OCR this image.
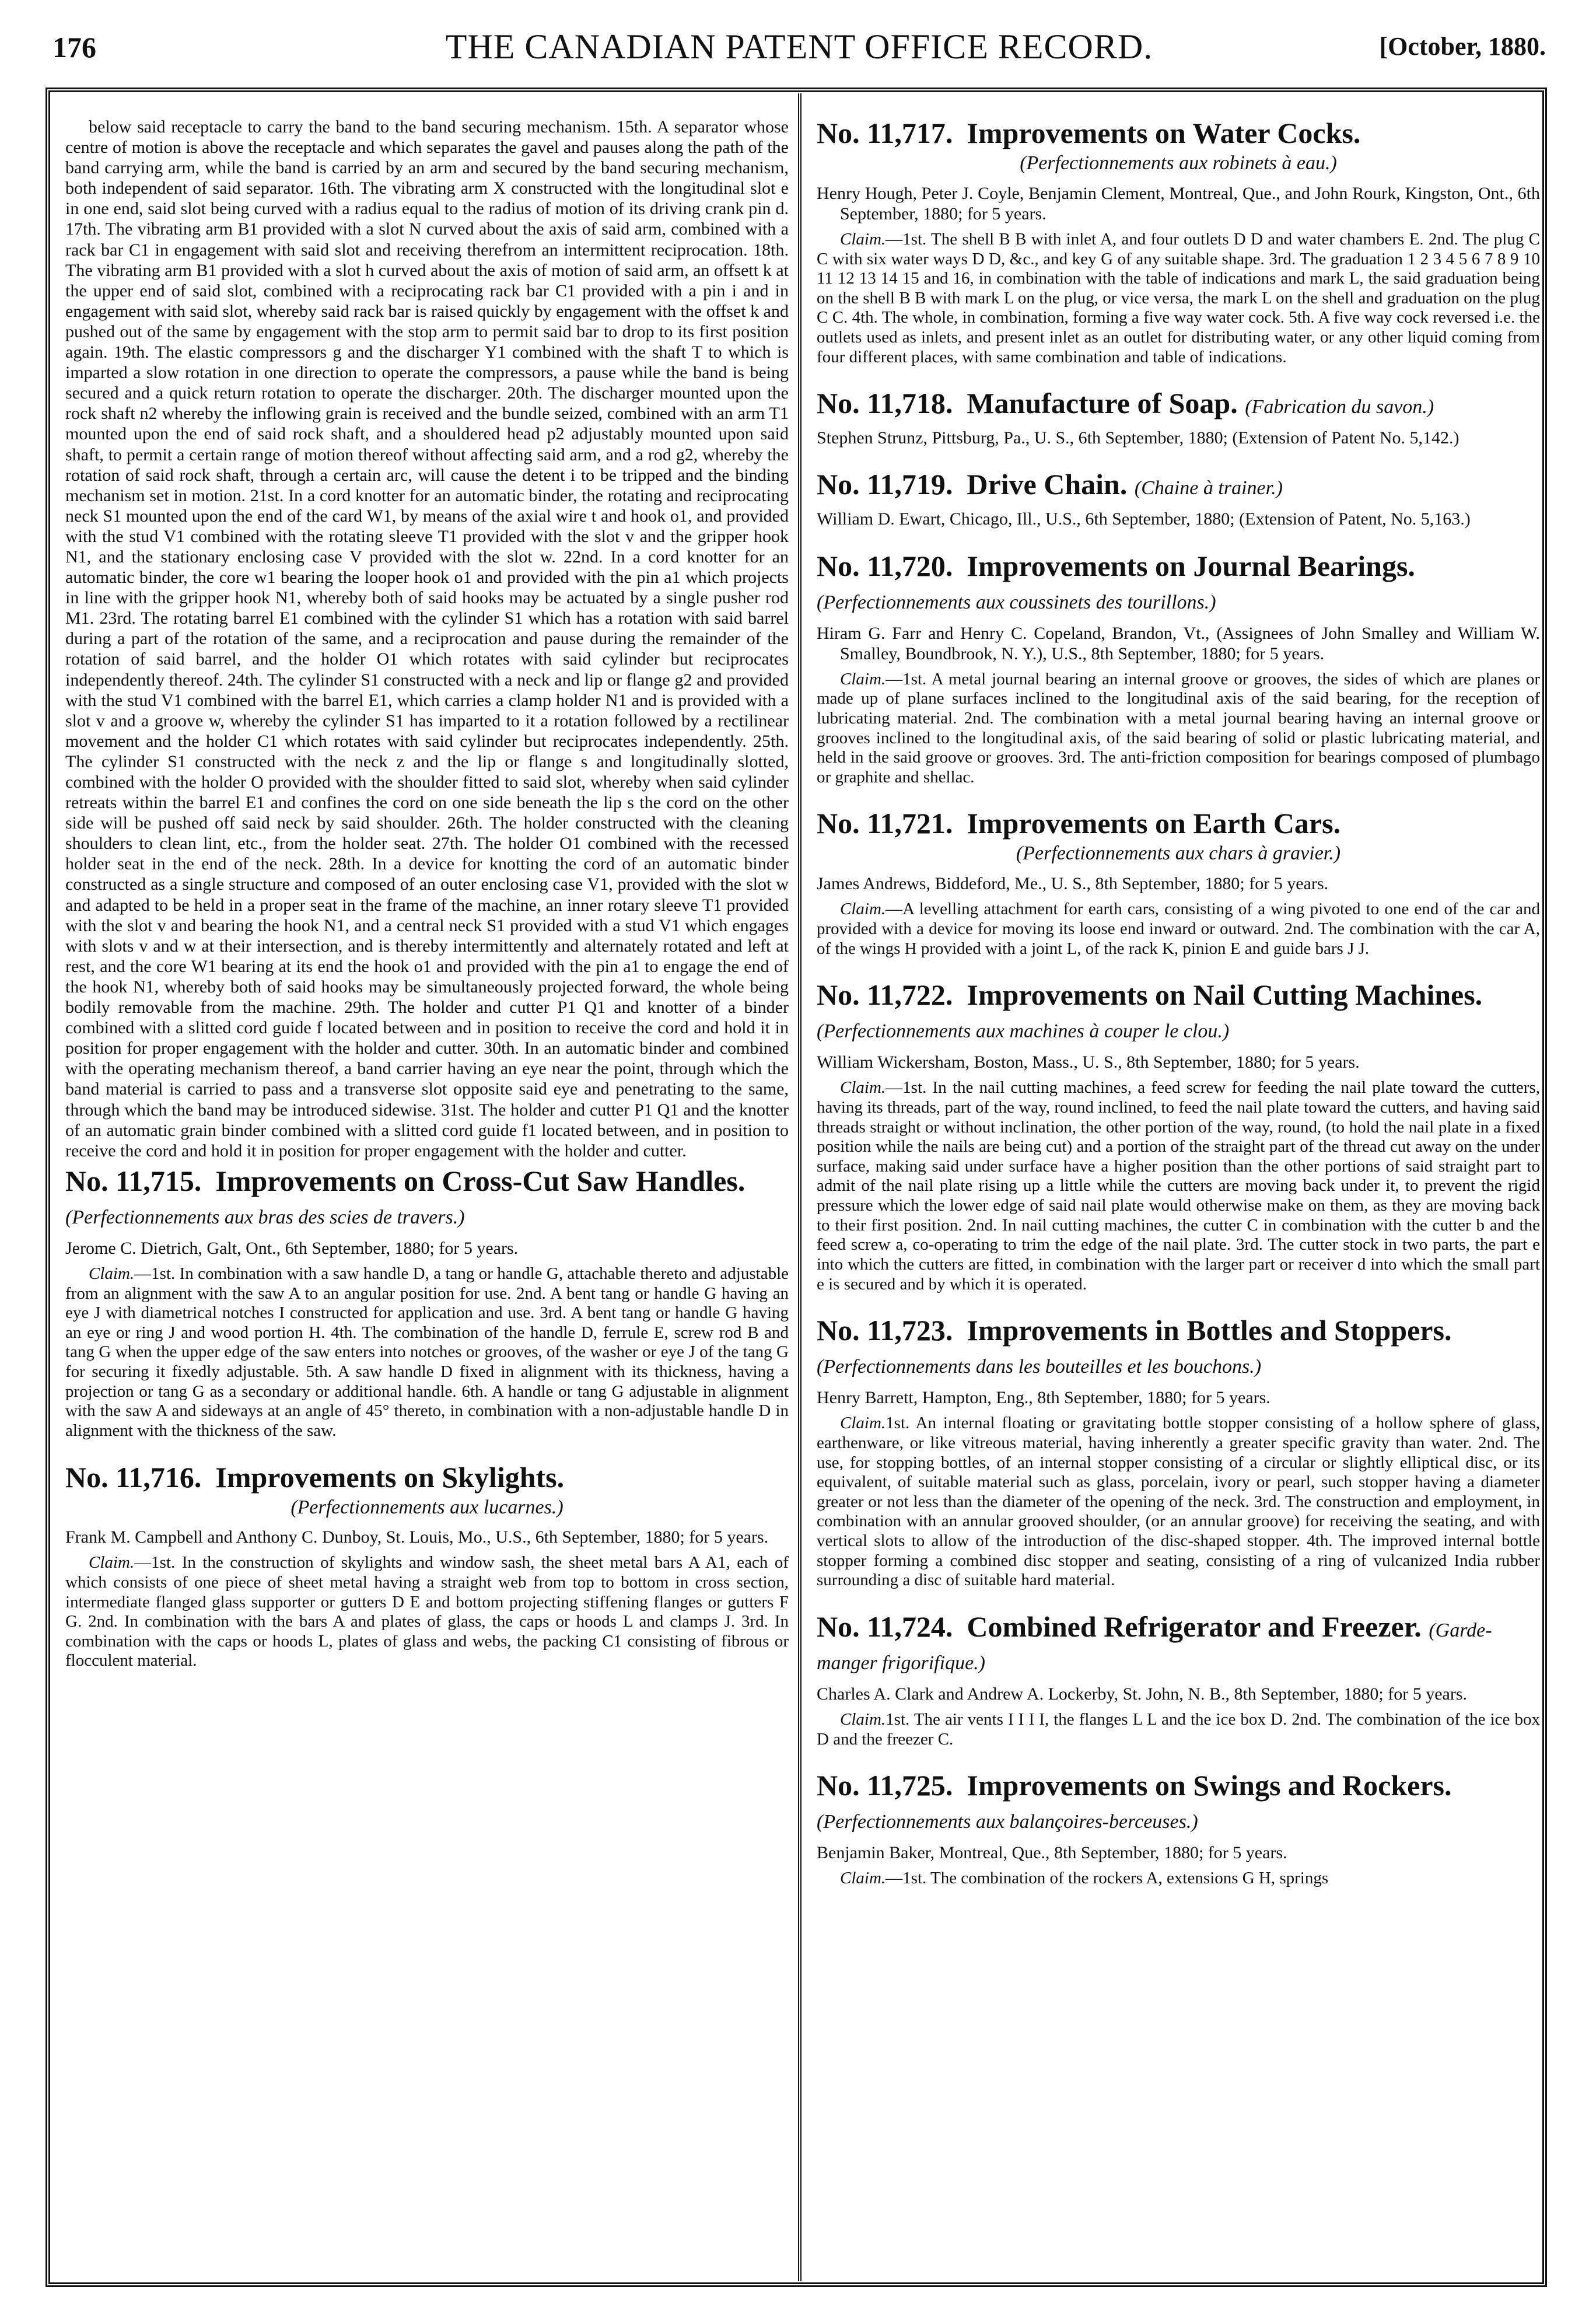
176	THE CANADIAN PATENT OFFICE RECORD.	[October, 1880.

below said receptacle to carry the band to the band securing mechanism. 15th. A separator whose centre of motion is above the receptacle and which separates the gavel and pauses along the path of the band carrying arm, while the band is carried by an arm and secured by the band securing mechanism, both independent of said separator. 16th. The vibrating arm X constructed with the longitudinal slot e in one end, said slot being curved with a radius equal to the radius of motion of its driving crank pin d. 17th. The vibrating arm B1 provided with a slot N curved about the axis of said arm, combined with a rack bar C1 in engagement with said slot and receiving therefrom an intermittent reciprocation. 18th. The vibrating arm B1 provided with a slot h curved about the axis of motion of said arm, an offsett k at the upper end of said slot, combined with a reciprocating rack bar C1 provided with a pin i and in engagement with said slot, whereby said rack bar is raised quickly by engagement with the offset k and pushed out of the same by engagement with the stop arm to permit said bar to drop to its first position again. 19th. The elastic compressors g and the discharger Y1 combined with the shaft T to which is imparted a slow rotation in one direction to operate the compressors, a pause while the band is being secured and a quick return rotation to operate the discharger. 20th. The discharger mounted upon the rock shaft n2 whereby the inflowing grain is received and the bundle seized, combined with an arm T1 mounted upon the end of said rock shaft, and a shouldered head p2 adjustably mounted upon said shaft, to permit a certain range of motion thereof without affecting said arm, and a rod g2, whereby the rotation of said rock shaft, through a certain arc, will cause the detent i to be tripped and the binding mechanism set in motion. 21st. In a cord knotter for an automatic binder, the rotating and reciprocating neck S1 mounted upon the end of the card W1, by means of the axial wire t and hook o1, and provided with the stud V1 combined with the rotating sleeve T1 provided with the slot v and the gripper hook N1, and the stationary enclosing case V provided with the slot w. 22nd. In a cord knotter for an automatic binder, the core w1 bearing the looper hook o1 and provided with the pin a1 which projects in line with the gripper hook N1, whereby both of said hooks may be actuated by a single pusher rod M1. 23rd. The rotating barrel E1 combined with the cylinder S1 which has a rotation with said barrel during a part of the rotation of the same, and a reciprocation and pause during the remainder of the rotation of said barrel, and the holder O1 which rotates with said cylinder but reciprocates independently thereof. 24th. The cylinder S1 constructed with a neck and lip or flange g2 and provided with the stud V1 combined with the barrel E1, which carries a clamp holder N1 and is provided with a slot v and a groove w, whereby the cylinder S1 has imparted to it a rotation followed by a rectilinear movement and the holder C1 which rotates with said cylinder but reciprocates independently. 25th. The cylinder S1 constructed with the neck z and the lip or flange s and longitudinally slotted, combined with the holder O provided with the shoulder fitted to said slot, whereby when said cylinder retreats within the barrel E1 and confines the cord on one side beneath the lip s the cord on the other side will be pushed off said neck by said shoulder. 26th. The holder constructed with the cleaning shoulders to clean lint, etc., from the holder seat. 27th. The holder O1 combined with the recessed holder seat in the end of the neck. 28th. In a device for knotting the cord of an automatic binder constructed as a single structure and composed of an outer enclosing case V1, provided with the slot w and adapted to be held in a proper seat in the frame of the machine, an inner rotary sleeve T1 provided with the slot v and bearing the hook N1, and a central neck S1 provided with a stud V1 which engages with slots v and w at their intersection, and is thereby intermittently and alternately rotated and left at rest, and the core W1 bearing at its end the hook o1 and provided with the pin a1 to engage the end of the hook N1, whereby both of said hooks may be simultaneously projected forward, the whole being bodily removable from the machine. 29th. The holder and cutter P1 Q1 and knotter of a binder combined with a slitted cord guide f located between and in position to receive the cord and hold it in position for proper engagement with the holder and cutter. 30th. In an automatic binder and combined with the operating mechanism thereof, a band carrier having an eye near the point, through which the band material is carried to pass and a transverse slot opposite said eye and penetrating to the same, through which the band may be introduced sidewise. 31st. The holder and cutter P1 Q1 and the knotter of an automatic grain binder combined with a slitted cord guide f1 located between, and in position to receive the cord and hold it in position for proper engagement with the holder and cutter.

No. 11,715. Improvements on Cross-Cut Saw Handles. ( Perfectionnements aux bras des scies de travers. )

Jerome C. Dietrich, Galt, Ont., 6th September, 1880; for 5 years.

Claim.—1st. In combination with a saw handle D, a tang or handle G, attachable thereto and adjustable from an alignment with the saw A to an angular position for use. 2nd. A bent tang or handle G having an eye J with diametrical notches I constructed for application and use. 3rd. A bent tang or handle G having an eye or ring J and wood portion H. 4th. The combination of the handle D, ferrule E, screw rod B and tang G when the upper edge of the saw enters into notches or grooves, of the washer or eye J of the tang G for securing it fixedly adjustable. 5th. A saw handle D fixed in alignment with its thickness, having a projection or tang G as a secondary or additional handle. 6th. A handle or tang G adjustable in alignment with the saw A and sideways at an angle of 45° thereto, in combination with a non-adjustable handle D in alignment with the thickness of the saw.

No. 11,716. Improvements on Skylights.

( Perfectionnements aux lucarnes. )

Frank M. Campbell and Anthony C. Dunboy, St. Louis, Mo., U.S., 6th September, 1880; for 5 years.

Claim.—1st. In the construction of skylights and window sash, the sheet metal bars A A1, each of which consists of one piece of sheet metal having a straight web from top to bottom in cross section, intermediate flanged glass supporter or gutters D E and bottom projecting stiffening flanges or gutters F G. 2nd. In combination with the bars A and plates of glass, the caps or hoods L and clamps J. 3rd. In combination with the caps or hoods L, plates of glass and webs, the packing C1 consisting of fibrous or flocculent material.

No. 11,717. Improvements on Water Cocks.

( Perfectionnements aux robinets à eau. )

Henry Hough, Peter J. Coyle, Benjamin Clement, Montreal, Que., and John Rourk, Kingston, Ont., 6th September, 1880; for 5 years.

Claim.—1st. The shell B B with inlet A, and four outlets D D and water chambers E. 2nd. The plug C C with six water ways D D, &c., and key G of any suitable shape. 3rd. The graduation 1 2 3 4 5 6 7 8 9 10 11 12 13 14 15 and 16, in combination with the table of indications and mark L, the said graduation being on the shell B B with mark L on the plug, or vice versa, the mark L on the shell and graduation on the plug C C. 4th. The whole, in combination, forming a five way water cock. 5th. A five way cock reversed i.e. the outlets used as inlets, and present inlet as an outlet for distributing water, or any other liquid coming from four different places, with same combination and table of indications.

No. 11,718. Manufacture of Soap. ( Fabrication du savon. )

Stephen Strunz, Pittsburg, Pa., U. S., 6th September, 1880; (Extension of Patent No. 5,142.)

No. 11,719. Drive Chain. ( Chaine à trainer. )

William D. Ewart, Chicago, Ill., U.S., 6th September, 1880; (Extension of Patent, No. 5,163.)

No. 11,720. Improvements on Journal Bearings. ( Perfectionnements aux coussinets des tourillons. )

Hiram G. Farr and Henry C. Copeland, Brandon, Vt., (Assignees of John Smalley and William W. Smalley, Boundbrook, N. Y.), U.S., 8th September, 1880; for 5 years.

Claim.—1st. A metal journal bearing an internal groove or grooves, the sides of which are planes or made up of plane surfaces inclined to the longitudinal axis of the said bearing, for the reception of lubricating material. 2nd. The combination with a metal journal bearing having an internal groove or grooves inclined to the longitudinal axis, of the said bearing of solid or plastic lubricating material, and held in the said groove or grooves. 3rd. The anti-friction composition for bearings composed of plumbago or graphite and shellac.

No. 11,721. Improvements on Earth Cars.

( Perfectionnements aux chars à gravier. )

James Andrews, Biddeford, Me., U. S., 8th September, 1880; for 5 years.

Claim.—A levelling attachment for earth cars, consisting of a wing pivoted to one end of the car and provided with a device for moving its loose end inward or outward. 2nd. The combination with the car A, of the wings H provided with a joint L, of the rack K, pinion E and guide bars J J.

No. 11,722. Improvements on Nail Cutting Machines. ( Perfectionnements aux machines à couper le clou. )

William Wickersham, Boston, Mass., U. S., 8th September, 1880; for 5 years.

Claim.—1st. In the nail cutting machines, a feed screw for feeding the nail plate toward the cutters, having its threads, part of the way, round inclined, to feed the nail plate toward the cutters, and having said threads straight or without inclination, the other portion of the way, round, (to hold the nail plate in a fixed position while the nails are being cut) and a portion of the straight part of the thread cut away on the under surface, making said under surface have a higher position than the other portions of said straight part to admit of the nail plate rising up a little while the cutters are moving back under it, to prevent the rigid pressure which the lower edge of said nail plate would otherwise make on them, as they are moving back to their first position. 2nd. In nail cutting machines, the cutter C in combination with the cutter b and the feed screw a, co-operating to trim the edge of the nail plate. 3rd. The cutter stock in two parts, the part e into which the cutters are fitted, in combination with the larger part or receiver d into which the small part e is secured and by which it is operated.

No. 11,723. Improvements in Bottles and Stoppers. ( Perfectionnements dans les bouteilles et les bouchons. )

Henry Barrett, Hampton, Eng., 8th September, 1880; for 5 years.

Claim.1st. An internal floating or gravitating bottle stopper consisting of a hollow sphere of glass, earthenware, or like vitreous material, having inherently a greater specific gravity than water. 2nd. The use, for stopping bottles, of an internal stopper consisting of a circular or slightly elliptical disc, or its equivalent, of suitable material such as glass, porcelain, ivory or pearl, such stopper having a diameter greater or not less than the diameter of the opening of the neck. 3rd. The construction and employment, in combination with an annular grooved shoulder, (or an annular groove) for receiving the seating, and with vertical slots to allow of the introduction of the disc-shaped stopper. 4th. The improved internal bottle stopper forming a combined disc stopper and seating, consisting of a ring of vulcanized India rubber surrounding a disc of suitable hard material.

No. 11,724. Combined Refrigerator and Freezer. ( Garde-manger frigorifique. )

Charles A. Clark and Andrew A. Lockerby, St. John, N. B., 8th September, 1880; for 5 years.

Claim.1st. The air vents I I I I, the flanges L L and the ice box D. 2nd. The combination of the ice box D and the freezer C.

No. 11,725. Improvements on Swings and Rockers. ( Perfectionnements aux balançoires-berceuses. )

Benjamin Baker, Montreal, Que., 8th September, 1880; for 5 years.

Claim.—1st. The combination of the rockers A, extensions G H, springs
